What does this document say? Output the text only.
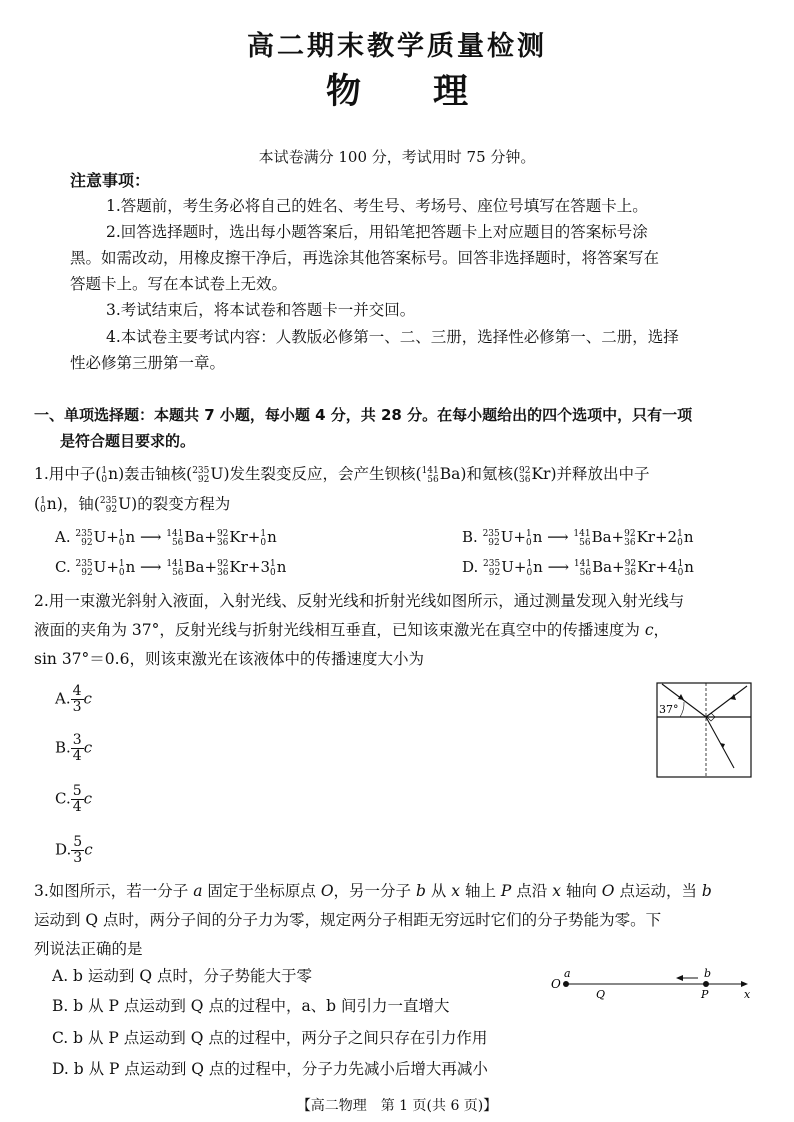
高二期末教学质量检测
物 理
本试卷满分 100 分，考试用时 75 分钟。
注意事项：
1.答题前，考生务必将自己的姓名、考生号、考场号、座位号填写在答题卡上。
2.回答选择题时，选出每小题答案后，用铅笔把答题卡上对应题目的答案标号涂
黑。如需改动，用橡皮擦干净后，再选涂其他答案标号。回答非选择题时，将答案写在
答题卡上。写在本试卷上无效。
3.考试结束后，将本试卷和答题卡一并交回。
4.本试卷主要考试内容：人教版必修第一、二、三册，选择性必修第一、二册，选择
性必修第三册第一章。
一、单项选择题：本题共 7 小题，每小题 4 分，共 28 分。在每小题给出的四个选项中，只有一项
是符合题目要求的。
1.用中子( 1
0 n)轰击铀核( 235
92 U)发生裂变反应，会产生钡核( 141
56 Ba)和氪核( 92
36 Kr)并释放出中子
( 1
0 n)，铀( 235
92 U)的裂变方程为
A. 235
92 U+ 1
0 n ⟶ 141
56 Ba+ 92
36 Kr+ 1
0 n	B. 235
92 U+ 1
0 n ⟶ 141
56 Ba+ 92
36 Kr+2 1
0 n
C. 235
92 U+ 1
0 n ⟶ 141
56 Ba+ 92
36 Kr+3 1
0 n	D. 235
92 U+ 1
0 n ⟶ 141
56 Ba+ 92
36 Kr+4 1
0 n
2.用一束激光斜射入液面，入射光线、反射光线和折射光线如图所示，通过测量发现入射光线与
液面的夹角为 37°，反射光线与折射光线相互垂直，已知该束激光在真空中的传播速度为 c，
sin 37°＝0.6，则该束激光在该液体中的传播速度大小为
A. $\frac{4}{3}$ c
B. $\frac{3}{4}$ c
C. $\frac{5}{4}$ c
D. $\frac{5}{3}$ c
37°
3.如图所示，若一分子 a 固定于坐标原点 O，另一分子 b 从 x 轴上 P 点沿 x 轴向 O 点运动，当 b
运动到 Q 点时，两分子间的分子力为零，规定两分子相距无穷远时它们的分子势能为零。下
列说法正确的是
A. b 运动到 Q 点时，分子势能大于零
B. b 从 P 点运动到 Q 点的过程中，a、b 间引力一直增大
C. b 从 P 点运动到 Q 点的过程中，两分子之间只存在引力作用
D. b 从 P 点运动到 Q 点的过程中，分子力先减小后增大再减小
O
a
Q
b
P	x
【高二物理　第 1 页(共 6 页)】
